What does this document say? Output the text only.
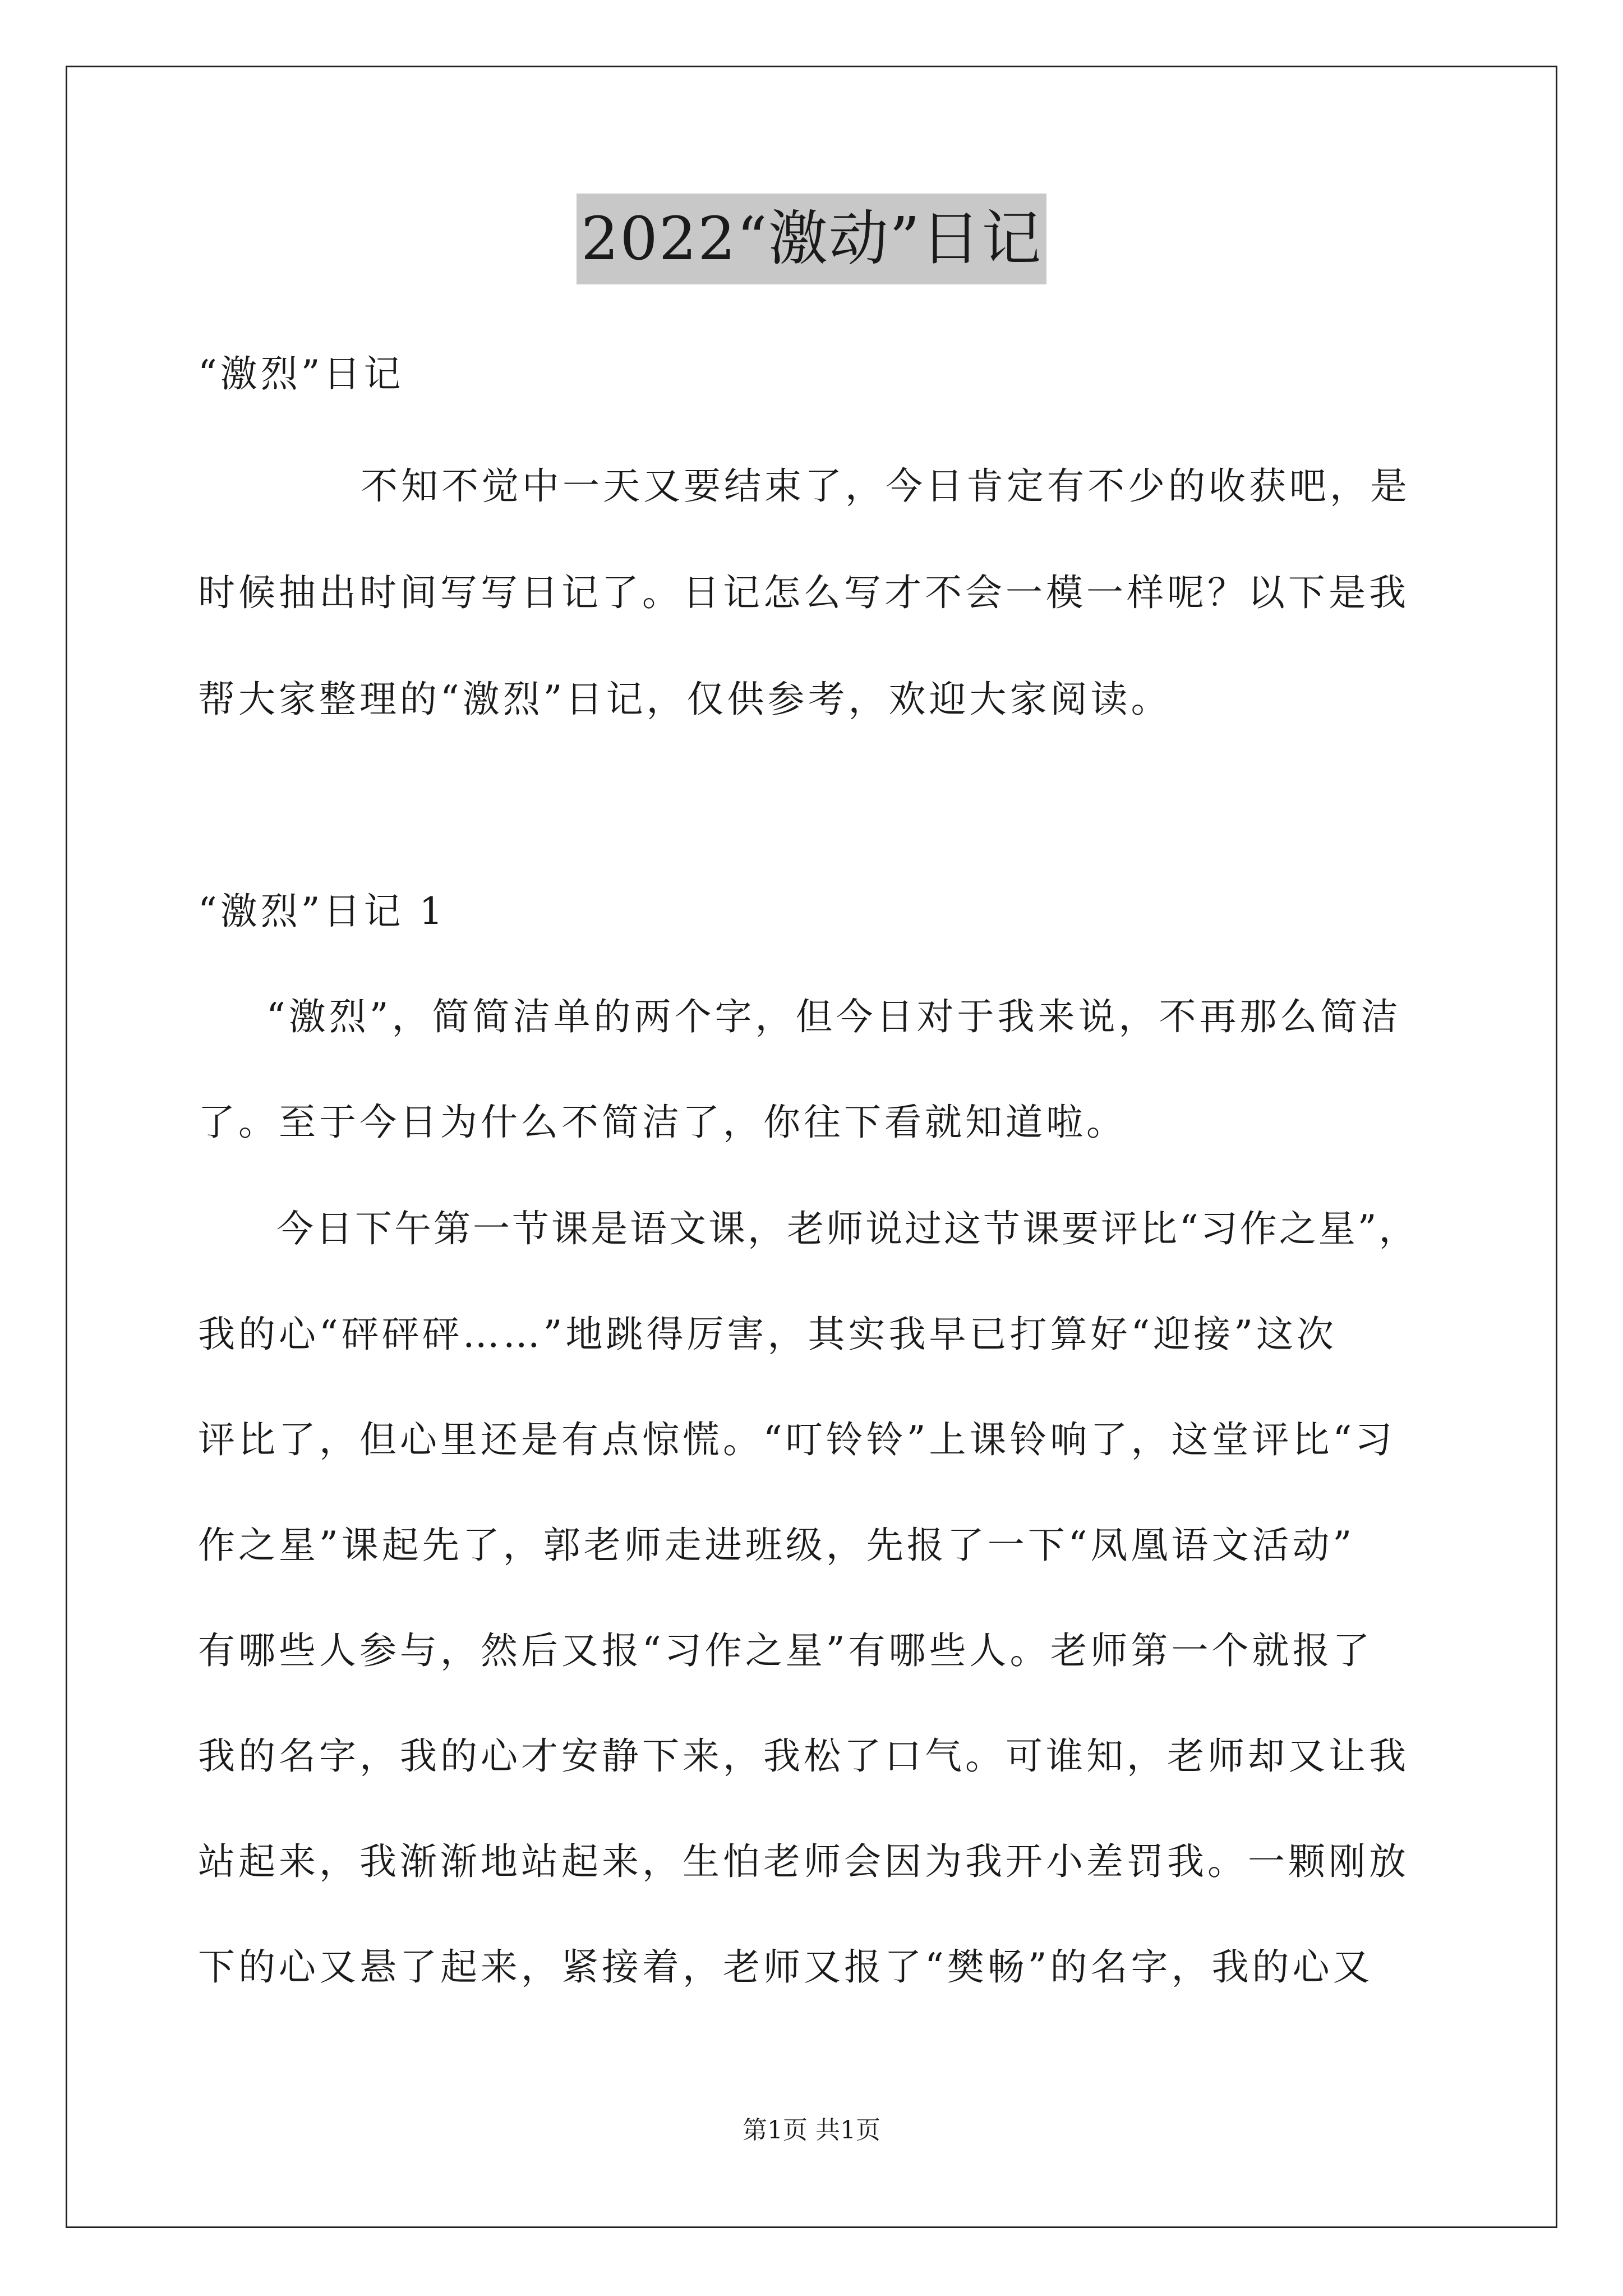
2022“激动”日记
“激烈”日记
不知不觉中一天又要结束了，今日肯定有不少的收获吧，是
时候抽出时间写写日记了。日记怎么写才不会一模一样呢？以下是我
帮大家整理的“激烈”日记，仅供参考，欢迎大家阅读。
“激烈”日记 1
“激烈”，简简洁单的两个字，但今日对于我来说，不再那么简洁
了。至于今日为什么不简洁了，你往下看就知道啦。
今日下午第一节课是语文课，老师说过这节课要评比“习作之星”，
我的心“砰砰砰……”地跳得厉害，其实我早已打算好“迎接”这次
评比了，但心里还是有点惊慌。“叮铃铃”上课铃响了，这堂评比“习
作之星”课起先了，郭老师走进班级，先报了一下“凤凰语文活动”
有哪些人参与，然后又报“习作之星”有哪些人。老师第一个就报了
我的名字，我的心才安静下来，我松了口气。可谁知，老师却又让我
站起来，我渐渐地站起来，生怕老师会因为我开小差罚我。一颗刚放
下的心又悬了起来，紧接着，老师又报了“樊畅”的名字，我的心又
第1页 共1页
